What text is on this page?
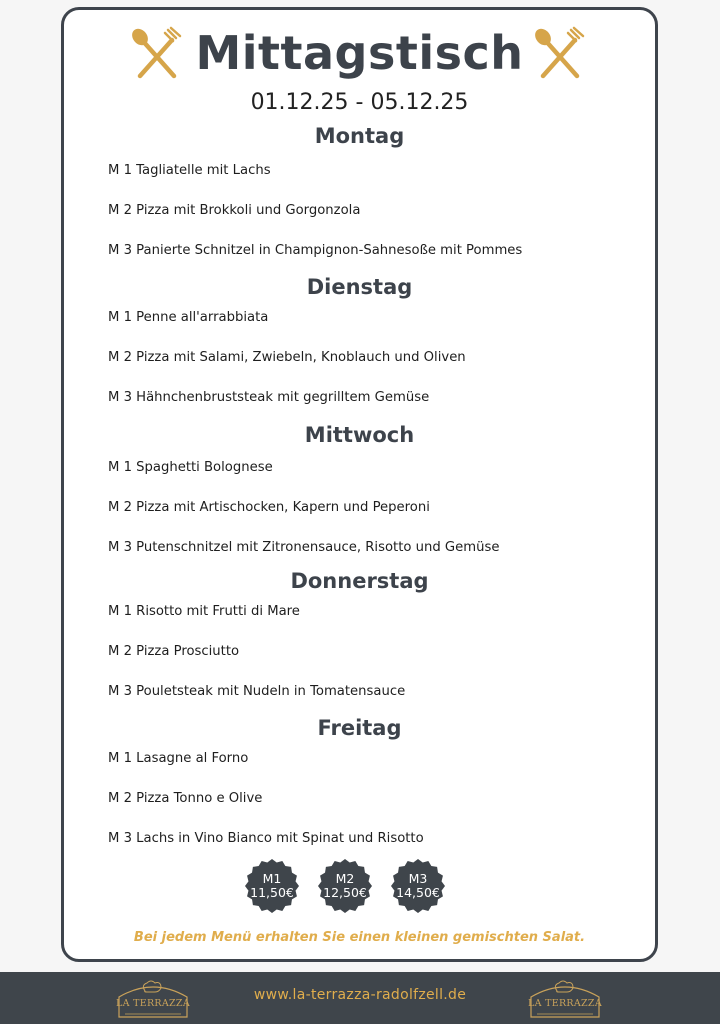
Mittagstisch
01.12.25 - 05.12.25
Montag
M 1 Tagliatelle mit Lachs
M 2 Pizza mit Brokkoli und Gorgonzola
M 3 Panierte Schnitzel in Champignon-Sahnesoße mit Pommes
Dienstag
M 1 Penne all'arrabbiata
M 2 Pizza mit Salami, Zwiebeln, Knoblauch und Oliven
M 3 Hähnchenbruststeak mit gegrilltem Gemüse
Mittwoch
M 1 Spaghetti Bolognese
M 2 Pizza mit Artischocken, Kapern und Peperoni
M 3 Putenschnitzel mit Zitronensauce, Risotto und Gemüse
Donnerstag
M 1 Risotto mit Frutti di Mare
M 2 Pizza Prosciutto
M 3 Pouletsteak mit Nudeln in Tomatensauce
Freitag
M 1 Lasagne al Forno
M 2 Pizza Tonno e Olive
M 3 Lachs in Vino Bianco mit Spinat und Risotto
Bei jedem Menü erhalten Sie einen kleinen gemischten Salat.
M1
11,50€
M2
12,50€
M3
14,50€
LA TERRAZZA
www.la-terrazza-radolfzell.de
LA TERRAZZA
